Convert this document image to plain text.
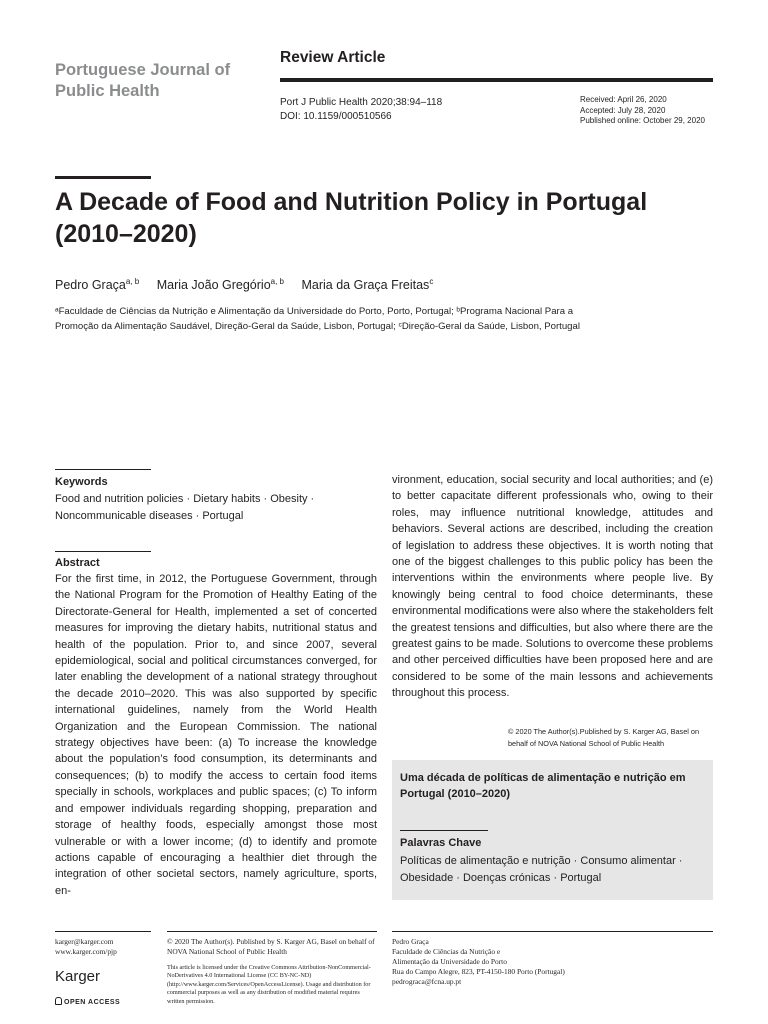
Portuguese Journal of Public Health
Review Article
Port J Public Health 2020;38:94–118
DOI: 10.1159/000510566
Received: April 26, 2020
Accepted: July 28, 2020
Published online: October 29, 2020
A Decade of Food and Nutrition Policy in Portugal (2010–2020)
Pedro Graça$^{a, b}$ Maria João Gregório$^{a, b}$ Maria da Graça Freitas$^c$
ᵃFaculdade de Ciências da Nutrição e Alimentação da Universidade do Porto, Porto, Portugal; ᵇPrograma Nacional Para a Promoção da Alimentação Saudável, Direção-Geral da Saúde, Lisbon, Portugal; ᶜDireção-Geral da Saúde, Lisbon, Portugal
Keywords
Food and nutrition policies · Dietary habits · Obesity · Noncommunicable diseases · Portugal
Abstract
For the first time, in 2012, the Portuguese Government, through the National Program for the Promotion of Healthy Eating of the Directorate-General for Health, implemented a set of concerted measures for improving the dietary habits, nutritional status and health of the population. Prior to, and since 2007, several epidemiological, social and political circumstances converged, for later enabling the development of a national strategy throughout the decade 2010–2020. This was also supported by specific international guidelines, namely from the World Health Organization and the European Commission. The national strategy objectives have been: (a) To increase the knowledge about the population’s food consumption, its determinants and consequences; (b) to modify the access to certain food items specially in schools, workplaces and public spaces; (c) To inform and empower individuals regarding shopping, preparation and storage of healthy foods, especially amongst those most vulnerable or with a lower income; (d) to identify and promote actions capable of encouraging a healthier diet through the integration of other societal sectors, namely agriculture, sports, en-
vironment, education, social security and local authorities; and (e) to better capacitate different professionals who, owing to their roles, may influence nutritional knowledge, attitudes and behaviors. Several actions are described, including the creation of legislation to address these objectives. It is worth noting that one of the biggest challenges to this public policy has been the interventions within the environments where people live. By knowingly being central to food choice determinants, these environmental modifications were also where the stakeholders felt the greatest tensions and difficulties, but also where there are the greatest gains to be made. Solutions to overcome these problems and other perceived difficulties have been proposed here and are considered to be some of the main lessons and achievements throughout this process.
© 2020 The Author(s).Published by S. Karger AG, Basel on behalf of NOVA National School of Public Health
Uma década de políticas de alimentação e nutrição em Portugal (2010–2020)
Palavras Chave
Políticas de alimentação e nutrição · Consumo alimentar · Obesidade · Doenças crónicas · Portugal
karger@karger.com
www.karger.com/pjp
Karger
OPEN ACCESS
© 2020 The Author(s). Published by S. Karger AG, Basel on behalf of NOVA National School of Public Health
This article is licensed under the Creative Commons Attribution-NonCommercial-NoDerivatives 4.0 International License (CC BY-NC-ND) (http://www.karger.com/Services/OpenAccessLicense). Usage and distribution for commercial purposes as well as any distribution of modified material requires written permission.
Pedro Graça
Faculdade de Ciências da Nutrição e
Alimentação da Universidade do Porto
Rua do Campo Alegre, 823, PT-4150-180 Porto (Portugal)
pedrograca@fcna.up.pt
